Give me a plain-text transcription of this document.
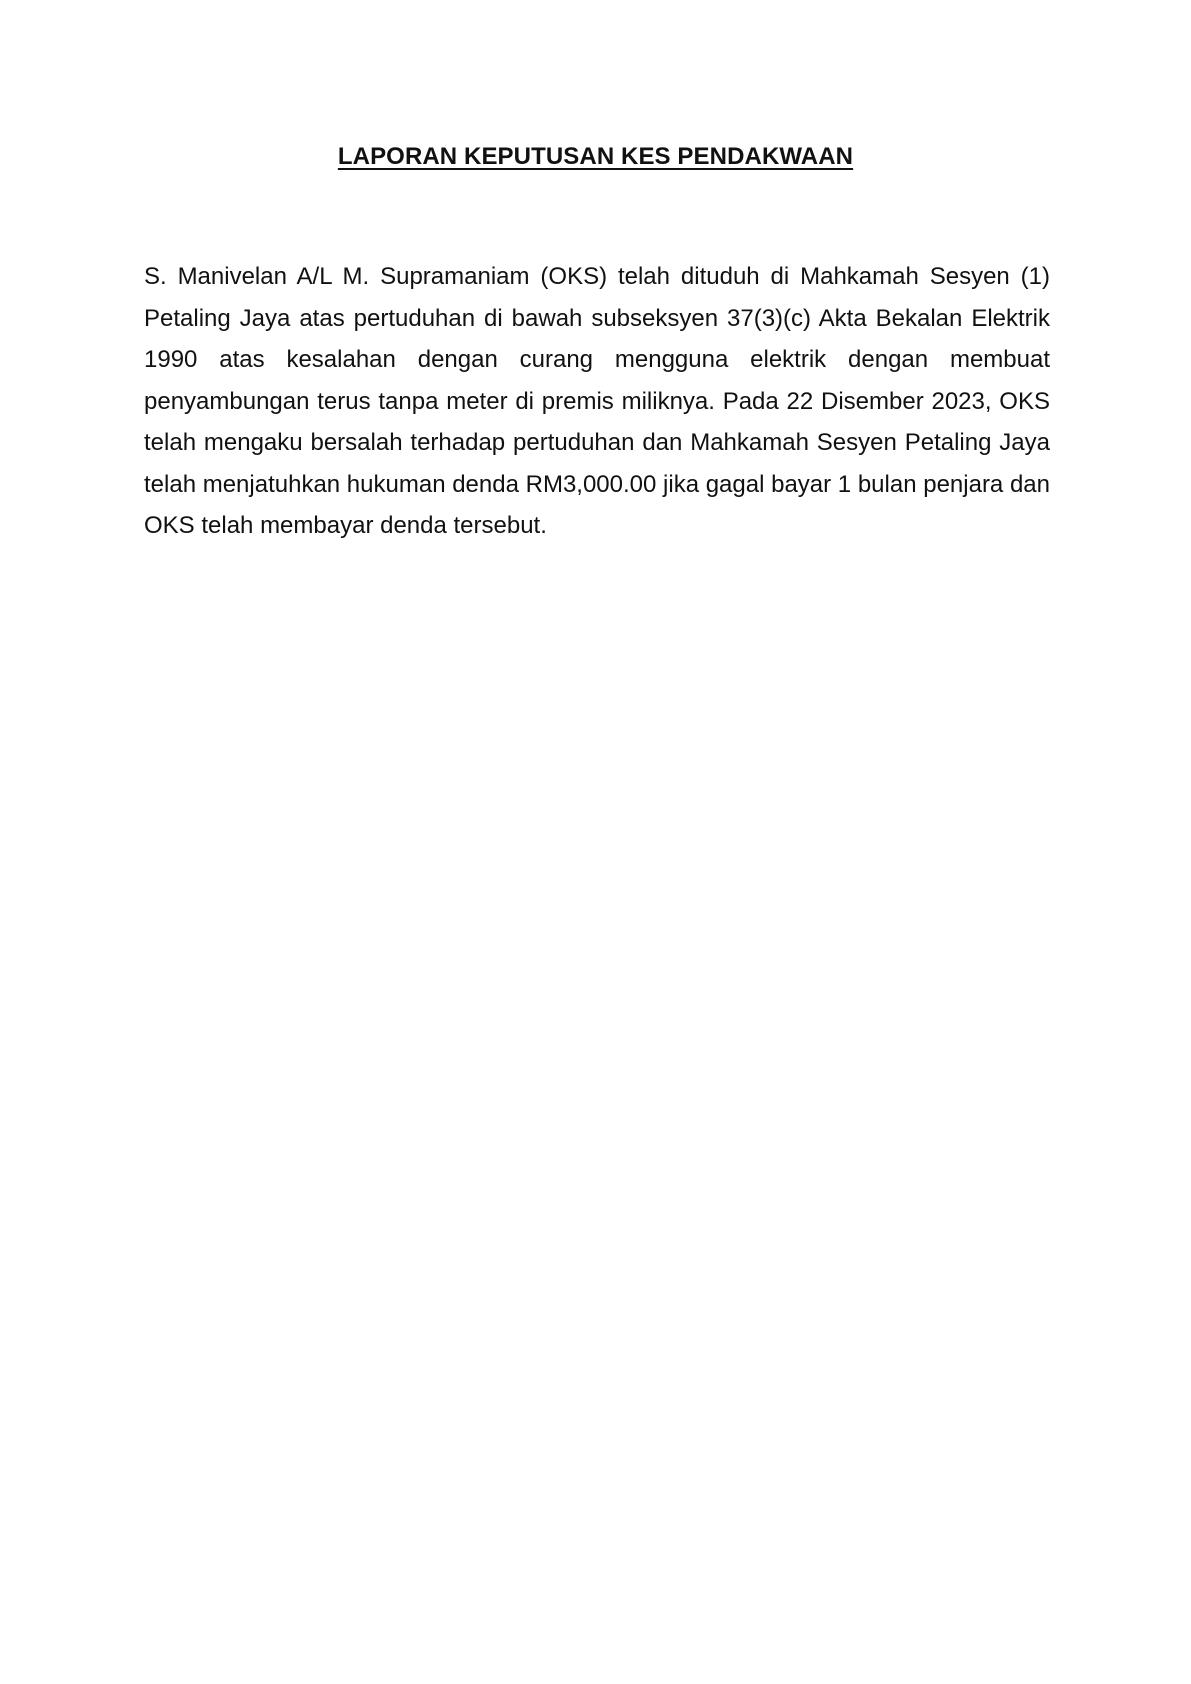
LAPORAN KEPUTUSAN KES PENDAKWAAN

S. Manivelan A/L M. Supramaniam (OKS) telah dituduh di Mahkamah Sesyen (1)
Petaling Jaya atas pertuduhan di bawah subseksyen 37(3)(c) Akta Bekalan Elektrik
1990 atas kesalahan dengan curang mengguna elektrik dengan membuat
penyambungan terus tanpa meter di premis miliknya. Pada 22 Disember 2023, OKS
telah mengaku bersalah terhadap pertuduhan dan Mahkamah Sesyen Petaling Jaya
telah menjatuhkan hukuman denda RM3,000.00 jika gagal bayar 1 bulan penjara dan
OKS telah membayar denda tersebut.
